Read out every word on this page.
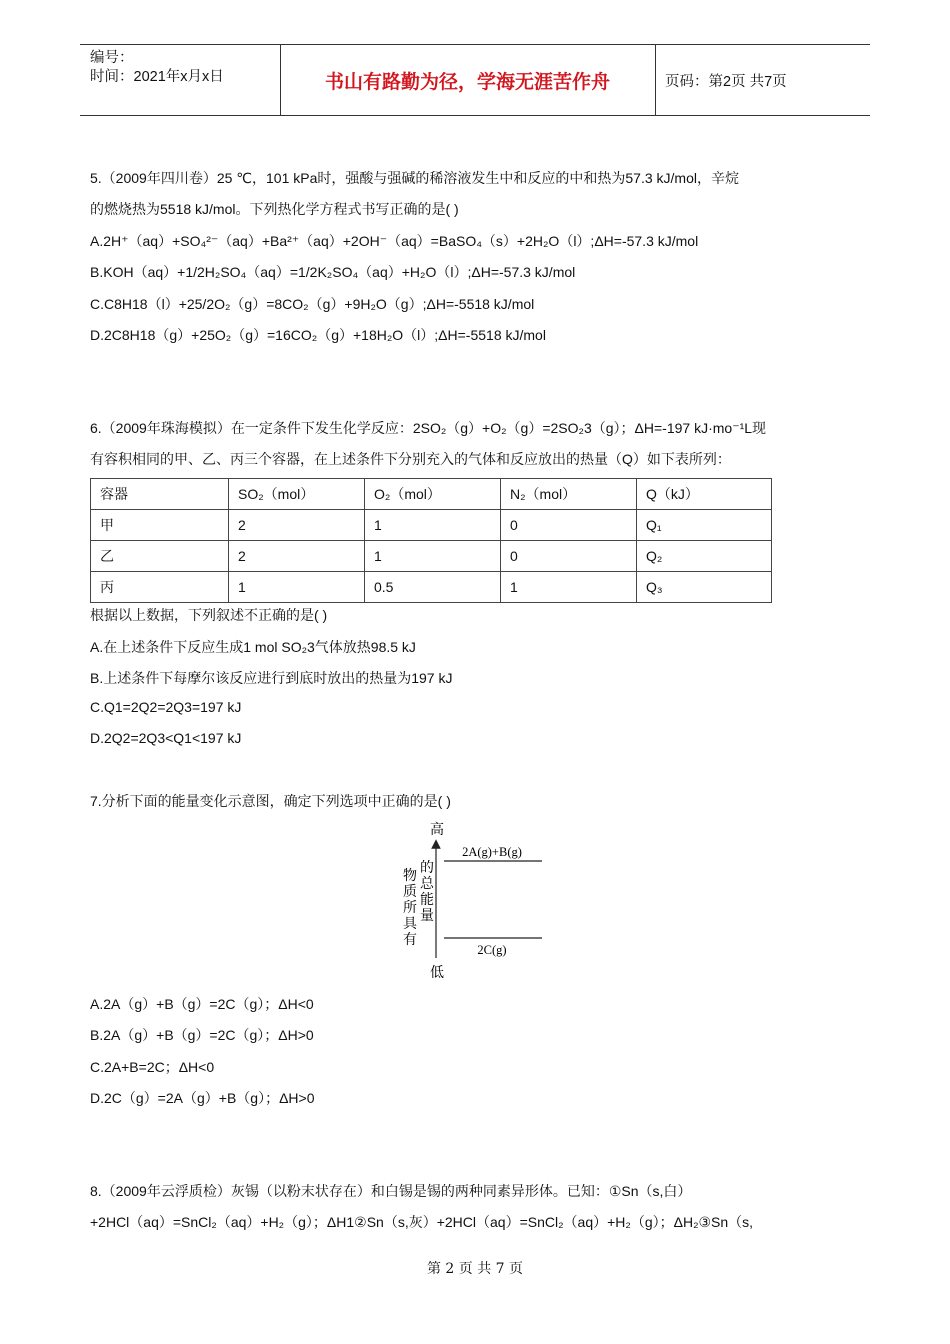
编号：
时间：2021年x月x日	书山有路勤为径，学海无涯苦作舟	页码：第2页 共7页
5.（2009年四川卷）25 ℃，101 kPa时，强酸与强碱的稀溶液发生中和反应的中和热为57.3 kJ/mol，辛烷
的燃烧热为5518 kJ/mol。下列热化学方程式书写正确的是( )
A.2H⁺（aq）+SO₄²⁻（aq）+Ba²⁺（aq）+2OH⁻（aq）=BaSO₄（s）+2H₂O（l）;ΔH=-57.3 kJ/mol
B.KOH（aq）+1/2H₂SO₄（aq）=1/2K₂SO₄（aq）+H₂O（l）;ΔH=-57.3 kJ/mol
C.C8H18（l）+25/2O₂（g）=8CO₂（g）+9H₂O（g）;ΔH=-5518 kJ/mol
D.2C8H18（g）+25O₂（g）=16CO₂（g）+18H₂O（l）;ΔH=-5518 kJ/mol
6.（2009年珠海模拟）在一定条件下发生化学反应：2SO₂（g）+O₂（g）=2SO₂3（g）；ΔH=-197 kJ·mo⁻¹L现
有容积相同的甲、乙、丙三个容器，在上述条件下分别充入的气体和反应放出的热量（Q）如下表所列：
容器	SO₂（mol）	O₂（mol）	N₂（mol）	Q（kJ）
甲	2	1	0	Q₁
乙	2	1	0	Q₂
丙	1	0.5	1	Q₃
根据以上数据，下列叙述不正确的是( )
A.在上述条件下反应生成1 mol SO₂3气体放热98.5 kJ
B.上述条件下每摩尔该反应进行到底时放出的热量为197 kJ
C.Q1=2Q2=2Q3=197 kJ
D.2Q2=2Q3<Q1<197 kJ
7.分析下面的能量变化示意图，确定下列选项中正确的是( )
高
低
2A(g)+B(g)
2C(g)
物
质
所
具
有
的
总
能
量
A.2A（g）+B（g）=2C（g）；ΔH<0
B.2A（g）+B（g）=2C（g）；ΔH>0
C.2A+B=2C；ΔH<0
D.2C（g）=2A（g）+B（g）；ΔH>0
8.（2009年云浮质检）灰锡（以粉末状存在）和白锡是锡的两种同素异形体。已知：①Sn（s,白）
+2HCl（aq）=SnCl₂（aq）+H₂（g）；ΔH1②Sn（s,灰）+2HCl（aq）=SnCl₂（aq）+H₂（g）；ΔH₂③Sn（s,
第 2 页 共 7 页
